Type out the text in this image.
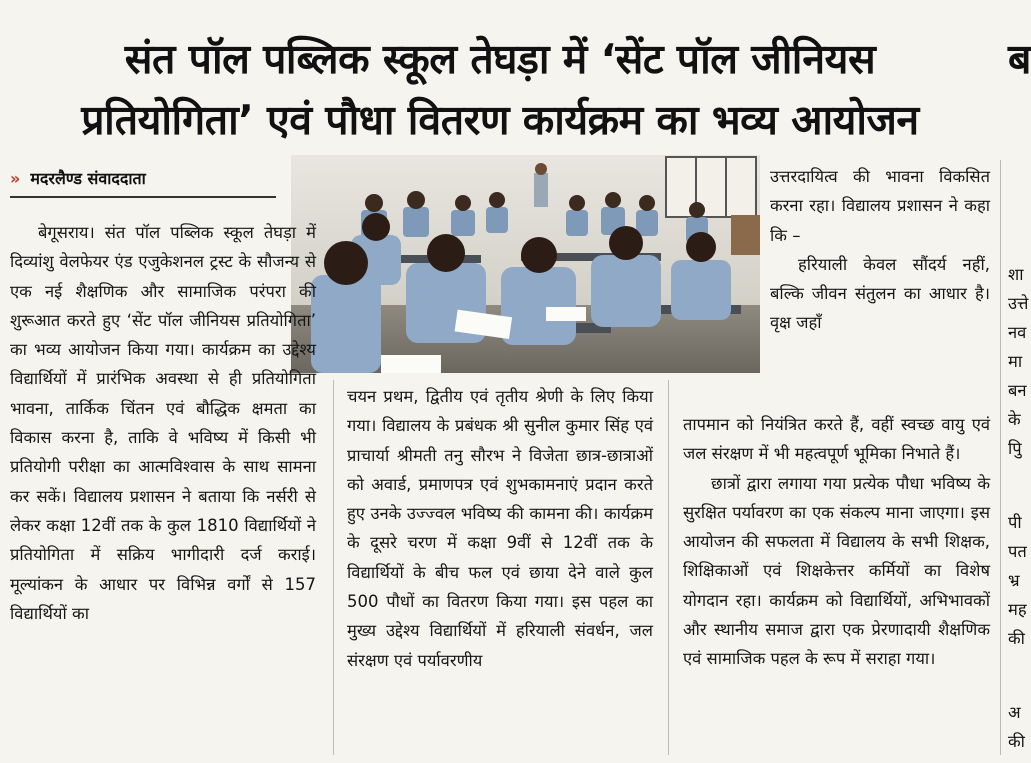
संत पॉल पब्लिक स्कूल तेघड़ा में ‘सेंट पॉल जीनियस
प्रतियोगिता’ एवं पौधा वितरण कार्यक्रम का भव्य आयोजन
ब
शा
उत्ते
नव
मा
बन
के
पुि
पी
पत
भ्र
मह
की
अ
की
» मदरलैण्ड संवाददाता

बेगूसराय। संत पॉल पब्लिक स्कूल तेघड़ा में दिव्यांशु वेलफेयर एंड एजुकेशनल ट्रस्ट के सौजन्य से एक नई शैक्षणिक और सामाजिक परंपरा की शुरूआत करते हुए ‘सेंट पॉल जीनियस प्रतियोगिता’ का भव्य आयोजन किया गया। कार्यक्रम का उद्देश्य विद्यार्थियों में प्रारंभिक अवस्था से ही प्रतियोगिता भावना, तार्किक चिंतन एवं बौद्धिक क्षमता का विकास करना है, ताकि वे भविष्य में किसी भी प्रतियोगी परीक्षा का आत्मविश्वास के साथ सामना कर सकें। विद्यालय प्रशासन ने बताया कि नर्सरी से लेकर कक्षा 12वीं तक के कुल 1810 विद्यार्थियों ने प्रतियोगिता में सक्रिय भागीदारी दर्ज कराई। मूल्यांकन के आधार पर विभिन्न वर्गों से 157 विद्यार्थियों का

चयन प्रथम, द्वितीय एवं तृतीय श्रेणी के लिए किया गया। विद्यालय के प्रबंधक श्री सुनील कुमार सिंह एवं प्राचार्या श्रीमती तनु सौरभ ने विजेता छात्र-छात्राओं को अवार्ड, प्रमाणपत्र एवं शुभकामनाएं प्रदान करते हुए उनके उज्ज्वल भविष्य की कामना की। कार्यक्रम के दूसरे चरण में कक्षा 9वीं से 12वीं तक के विद्यार्थियों के बीच फल एवं छाया देने वाले कुल 500 पौधों का वितरण किया गया। इस पहल का मुख्य उद्देश्य विद्यार्थियों में हरियाली संवर्धन, जल संरक्षण एवं पर्यावरणीय

उत्तरदायित्व की भावना विकसित करना रहा। विद्यालय प्रशासन ने कहा कि –

हरियाली केवल सौंदर्य नहीं, बल्कि जीवन संतुलन का आधार है। वृक्ष जहाँ

तापमान को नियंत्रित करते हैं, वहीं स्वच्छ वायु एवं जल संरक्षण में भी महत्वपूर्ण भूमिका निभाते हैं।

छात्रों द्वारा लगाया गया प्रत्येक पौधा भविष्य के सुरक्षित पर्यावरण का एक संकल्प माना जाएगा। इस आयोजन की सफलता में विद्यालय के सभी शिक्षक, शिक्षिकाओं एवं शिक्षकेत्तर कर्मियों का विशेष योगदान रहा। कार्यक्रम को विद्यार्थियों, अभिभावकों और स्थानीय समाज द्वारा एक प्रेरणादायी शैक्षणिक एवं सामाजिक पहल के रूप में सराहा गया।
